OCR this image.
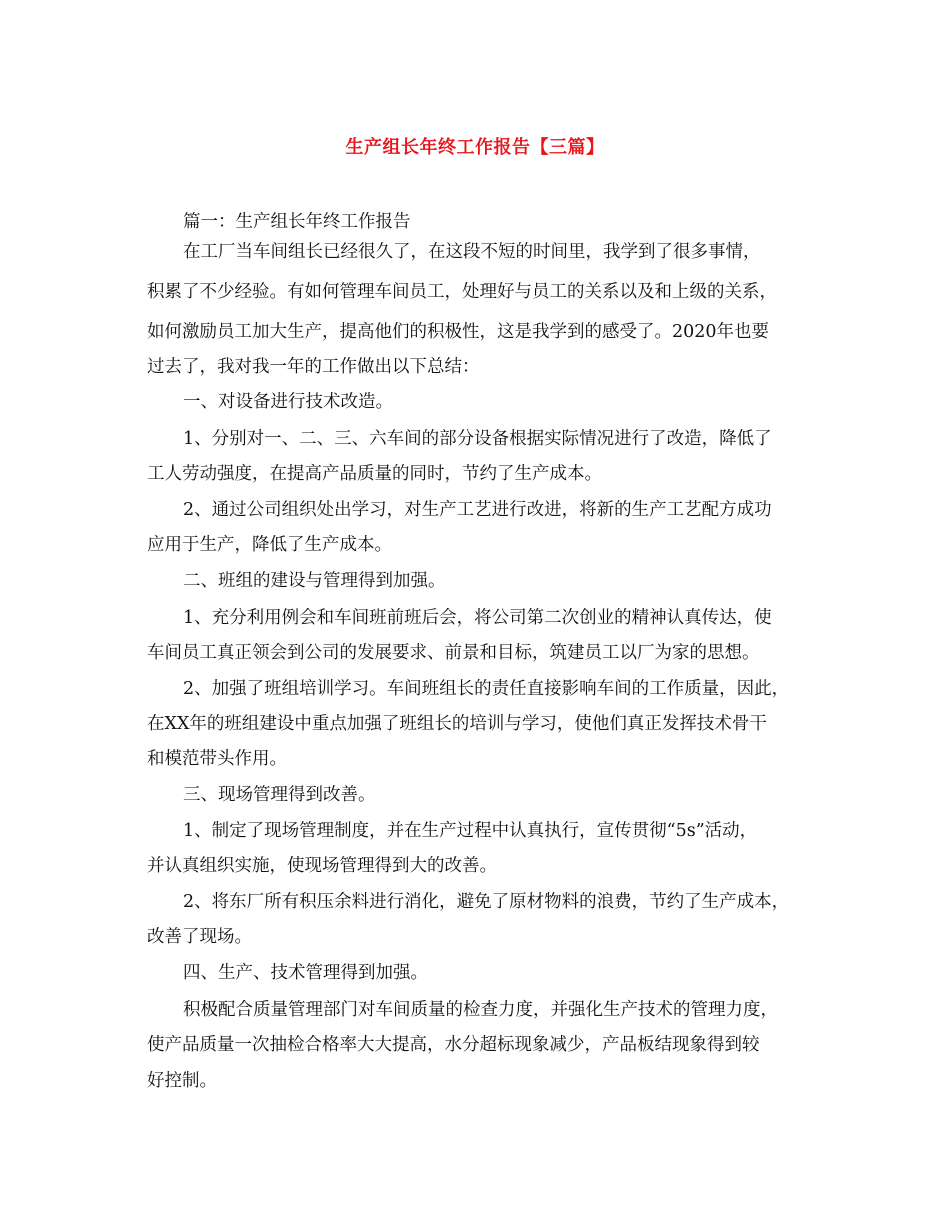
生产组长年终工作报告【三篇】
篇一：生产组长年终工作报告
在工厂当车间组长已经很久了，在这段不短的时间里，我学到了很多事情，
积累了不少经验。有如何管理车间员工，处理好与员工的关系以及和上级的关系，
如何激励员工加大生产，提高他们的积极性，这是我学到的感受了。2020年也要
过去了，我对我一年的工作做出以下总结：
一、对设备进行技术改造。
1、分别对一、二、三、六车间的部分设备根据实际情况进行了改造，降低了
工人劳动强度，在提高产品质量的同时，节约了生产成本。
2、通过公司组织处出学习，对生产工艺进行改进，将新的生产工艺配方成功
应用于生产，降低了生产成本。
二、班组的建设与管理得到加强。
1、充分利用例会和车间班前班后会，将公司第二次创业的精神认真传达，使
车间员工真正领会到公司的发展要求、前景和目标，筑建员工以厂为家的思想。
2、加强了班组培训学习。车间班组长的责任直接影响车间的工作质量，因此，
在XX年的班组建设中重点加强了班组长的培训与学习，使他们真正发挥技术骨干
和模范带头作用。
三、现场管理得到改善。
1、制定了现场管理制度，并在生产过程中认真执行，宣传贯彻“5s”活动，
并认真组织实施，使现场管理得到大的改善。
2、将东厂所有积压余料进行消化，避免了原材物料的浪费，节约了生产成本，
改善了现场。
四、生产、技术管理得到加强。
积极配合质量管理部门对车间质量的检查力度，并强化生产技术的管理力度，
使产品质量一次抽检合格率大大提高，水分超标现象减少，产品板结现象得到较
好控制。
